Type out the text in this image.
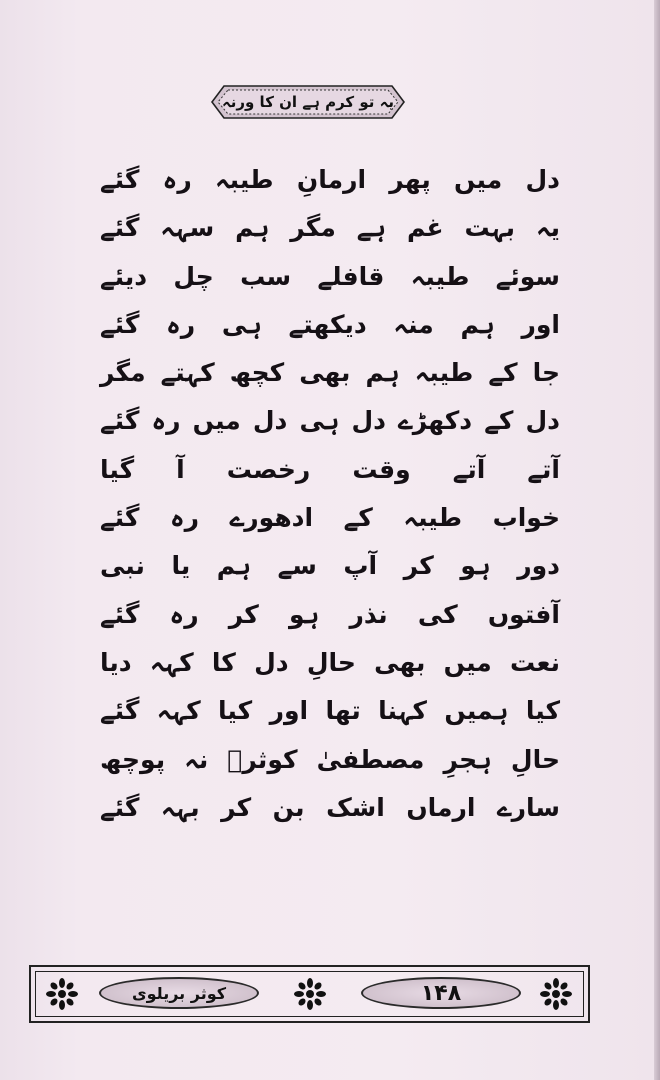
یہ تو کرم ہے ان کا ورنہ
دل میں پھر ارمانِ طیبہ رہ گئے
یہ بہت غم ہے مگر ہم سہہ گئے
سوئے طیبہ قافلے سب چل دیئے
اور ہم منہ دیکھتے ہی رہ گئے
جا کے طیبہ ہم بھی کچھ کہتے مگر
دل کے دکھڑے دل ہی دل میں رہ گئے
آتے آتے وقت رخصت آ گیا
خواب طیبہ کے ادھورے رہ گئے
دور ہو کر آپ سے ہم یا نبی
آفتوں کی نذر ہو کر رہ گئے
نعت میں بھی حالِ دل کا کہہ دیا
کیا ہمیں کہنا تھا اور کیا کہہ گئے
حالِ ہجرِ مصطفیٰ کوثرؔ نہ پوچھ
سارے ارماں اشک بن کر بہہ گئے
کوثر بریلوی	۱۴۸
